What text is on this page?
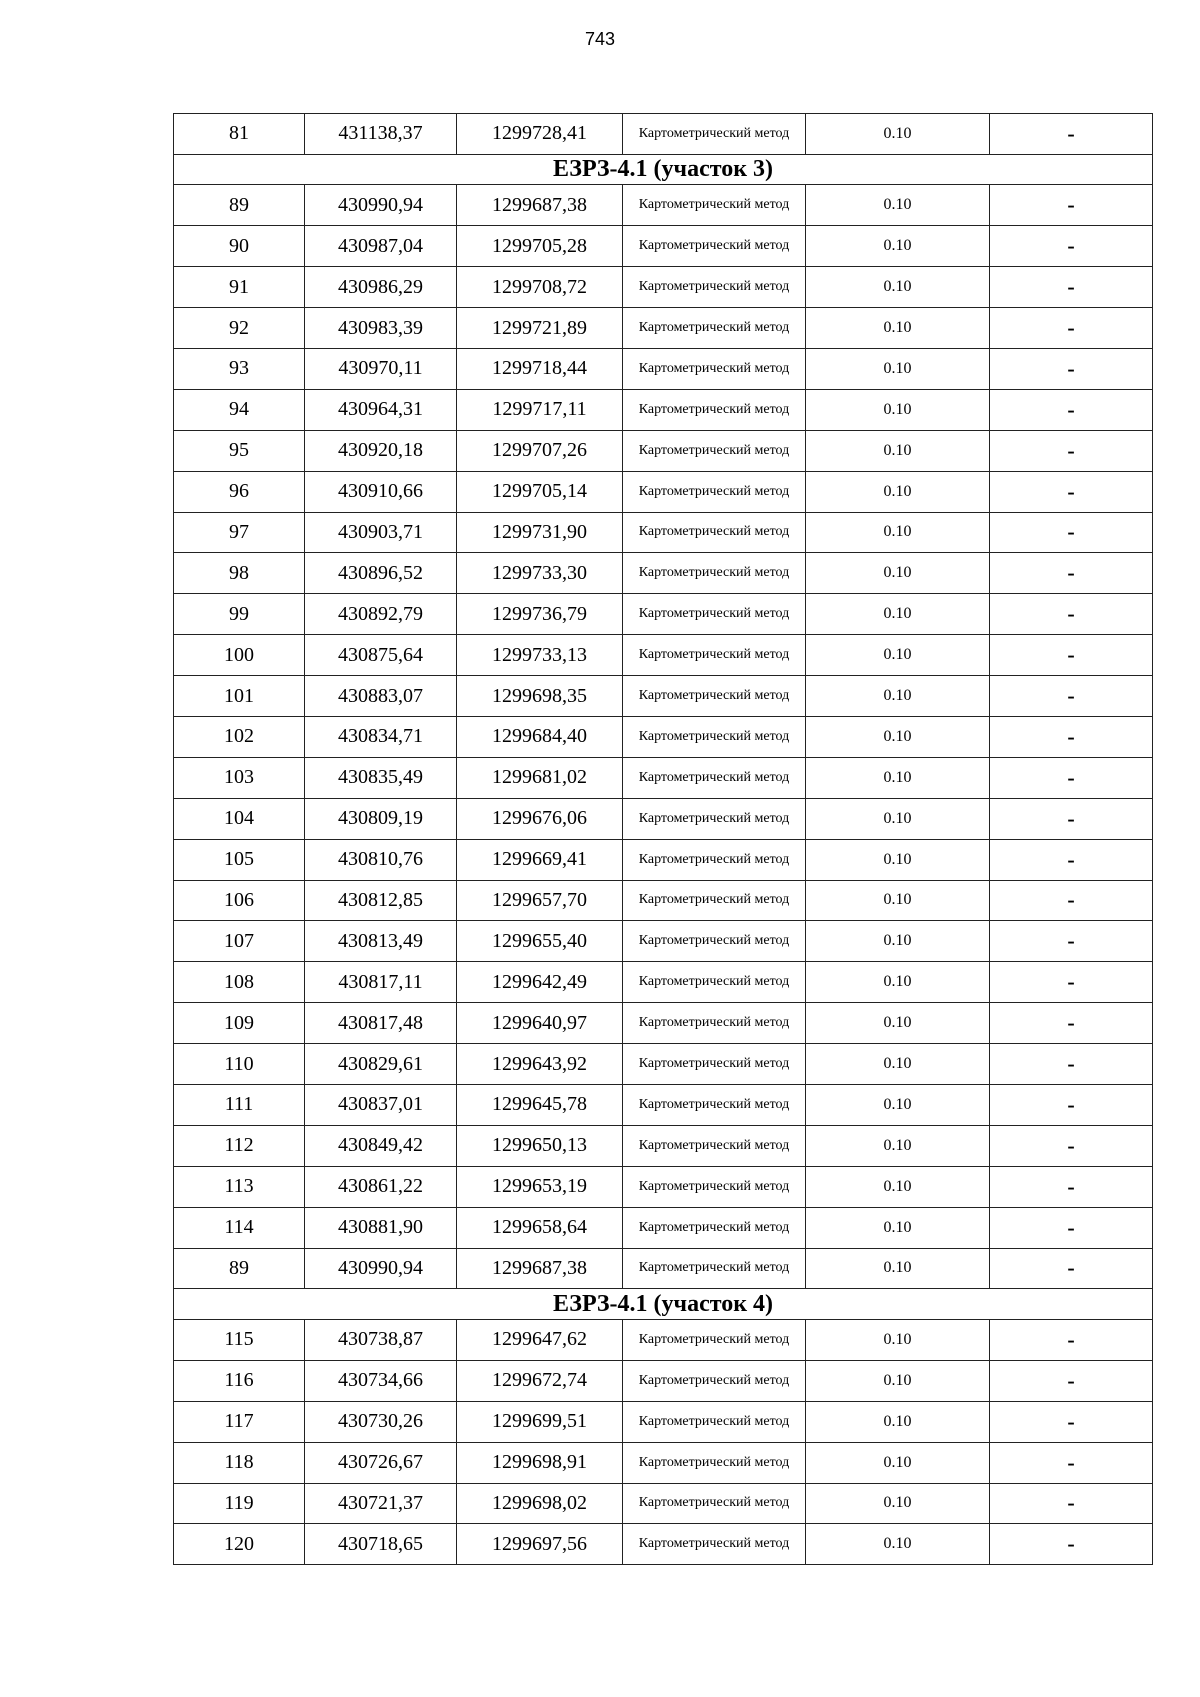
743
81	431138,37	1299728,41	Картометрический метод	0.10	-
ЕЗРЗ-4.1 (участок 3)					
89	430990,94	1299687,38	Картометрический метод	0.10	-
90	430987,04	1299705,28	Картометрический метод	0.10	-
91	430986,29	1299708,72	Картометрический метод	0.10	-
92	430983,39	1299721,89	Картометрический метод	0.10	-
93	430970,11	1299718,44	Картометрический метод	0.10	-
94	430964,31	1299717,11	Картометрический метод	0.10	-
95	430920,18	1299707,26	Картометрический метод	0.10	-
96	430910,66	1299705,14	Картометрический метод	0.10	-
97	430903,71	1299731,90	Картометрический метод	0.10	-
98	430896,52	1299733,30	Картометрический метод	0.10	-
99	430892,79	1299736,79	Картометрический метод	0.10	-
100	430875,64	1299733,13	Картометрический метод	0.10	-
101	430883,07	1299698,35	Картометрический метод	0.10	-
102	430834,71	1299684,40	Картометрический метод	0.10	-
103	430835,49	1299681,02	Картометрический метод	0.10	-
104	430809,19	1299676,06	Картометрический метод	0.10	-
105	430810,76	1299669,41	Картометрический метод	0.10	-
106	430812,85	1299657,70	Картометрический метод	0.10	-
107	430813,49	1299655,40	Картометрический метод	0.10	-
108	430817,11	1299642,49	Картометрический метод	0.10	-
109	430817,48	1299640,97	Картометрический метод	0.10	-
110	430829,61	1299643,92	Картометрический метод	0.10	-
111	430837,01	1299645,78	Картометрический метод	0.10	-
112	430849,42	1299650,13	Картометрический метод	0.10	-
113	430861,22	1299653,19	Картометрический метод	0.10	-
114	430881,90	1299658,64	Картометрический метод	0.10	-
89	430990,94	1299687,38	Картометрический метод	0.10	-
ЕЗРЗ-4.1 (участок 4)					
115	430738,87	1299647,62	Картометрический метод	0.10	-
116	430734,66	1299672,74	Картометрический метод	0.10	-
117	430730,26	1299699,51	Картометрический метод	0.10	-
118	430726,67	1299698,91	Картометрический метод	0.10	-
119	430721,37	1299698,02	Картометрический метод	0.10	-
120	430718,65	1299697,56	Картометрический метод	0.10	-
